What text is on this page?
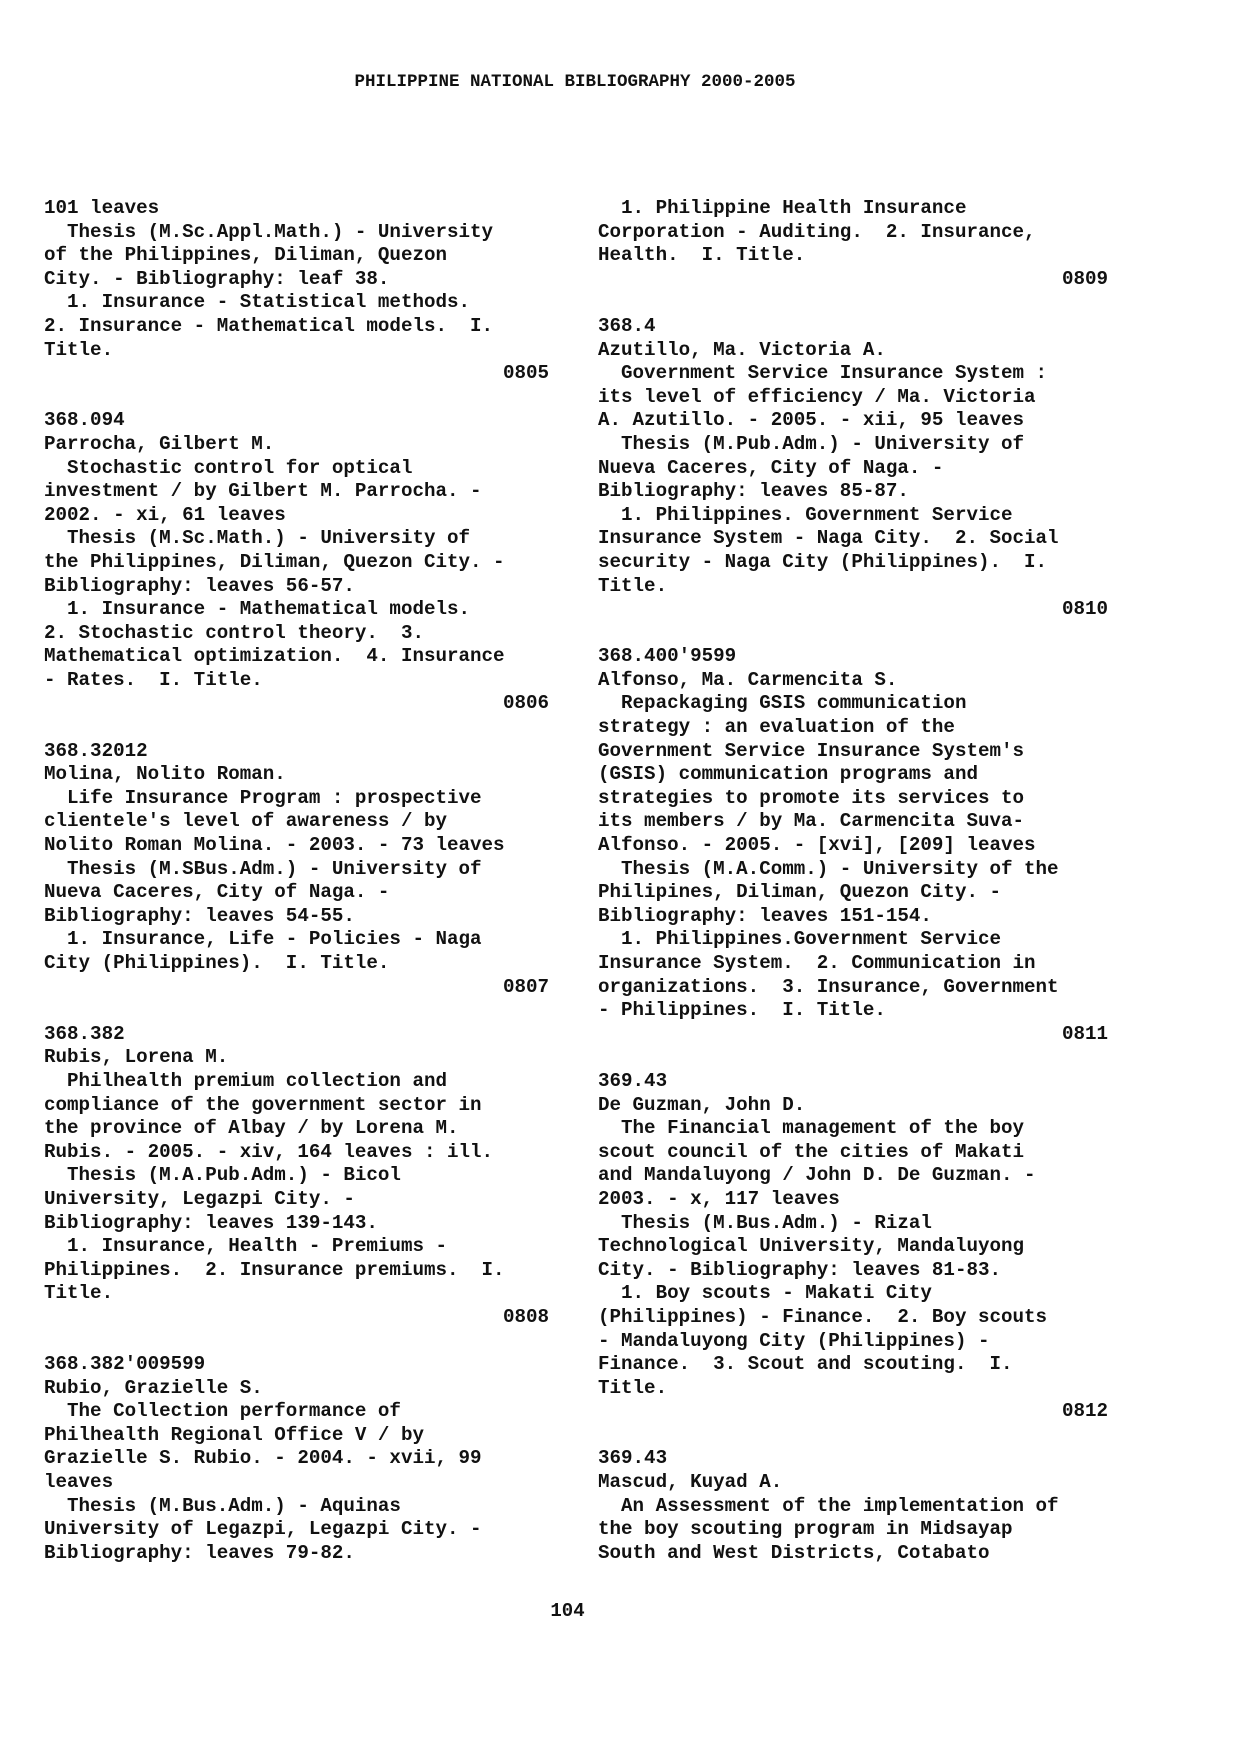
PHILIPPINE NATIONAL BIBLIOGRAPHY 2000-2005
101 leaves
Thesis (M.Sc.Appl.Math.) - University
of the Philippines, Diliman, Quezon
City. - Bibliography: leaf 38.
1. Insurance - Statistical methods.
2. Insurance - Mathematical models.  I.
Title.
0805
368.094
Parrocha, Gilbert M.
Stochastic control for optical
investment / by Gilbert M. Parrocha. -
2002. - xi, 61 leaves
Thesis (M.Sc.Math.) - University of
the Philippines, Diliman, Quezon City. -
Bibliography: leaves 56-57.
1. Insurance - Mathematical models.
2. Stochastic control theory.  3.
Mathematical optimization.  4. Insurance
- Rates.  I. Title.
0806
368.32012
Molina, Nolito Roman.
Life Insurance Program : prospective
clientele's level of awareness / by
Nolito Roman Molina. - 2003. - 73 leaves
Thesis (M.SBus.Adm.) - University of
Nueva Caceres, City of Naga. -
Bibliography: leaves 54-55.
1. Insurance, Life - Policies - Naga
City (Philippines).  I. Title.
0807
368.382
Rubis, Lorena M.
Philhealth premium collection and
compliance of the government sector in
the province of Albay / by Lorena M.
Rubis. - 2005. - xiv, 164 leaves : ill.
Thesis (M.A.Pub.Adm.) - Bicol
University, Legazpi City. -
Bibliography: leaves 139-143.
1. Insurance, Health - Premiums -
Philippines.  2. Insurance premiums.  I.
Title.
0808
368.382'009599
Rubio, Grazielle S.
The Collection performance of
Philhealth Regional Office V / by
Grazielle S. Rubio. - 2004. - xvii, 99
leaves
Thesis (M.Bus.Adm.) - Aquinas
University of Legazpi, Legazpi City. -
Bibliography: leaves 79-82.
1. Philippine Health Insurance
Corporation - Auditing.  2. Insurance,
Health.  I. Title.
0809
368.4
Azutillo, Ma. Victoria A.
Government Service Insurance System :
its level of efficiency / Ma. Victoria
A. Azutillo. - 2005. - xii, 95 leaves
Thesis (M.Pub.Adm.) - University of
Nueva Caceres, City of Naga. -
Bibliography: leaves 85-87.
1. Philippines. Government Service
Insurance System - Naga City.  2. Social
security - Naga City (Philippines).  I.
Title.
0810
368.400'9599
Alfonso, Ma. Carmencita S.
Repackaging GSIS communication
strategy : an evaluation of the
Government Service Insurance System's
(GSIS) communication programs and
strategies to promote its services to
its members / by Ma. Carmencita Suva-
Alfonso. - 2005. - [xvi], [209] leaves
Thesis (M.A.Comm.) - University of the
Philipines, Diliman, Quezon City. -
Bibliography: leaves 151-154.
1. Philippines.Government Service
Insurance System.  2. Communication in
organizations.  3. Insurance, Government
- Philippines.  I. Title.
0811
369.43
De Guzman, John D.
The Financial management of the boy
scout council of the cities of Makati
and Mandaluyong / John D. De Guzman. -
2003. - x, 117 leaves
Thesis (M.Bus.Adm.) - Rizal
Technological University, Mandaluyong
City. - Bibliography: leaves 81-83.
1. Boy scouts - Makati City
(Philippines) - Finance.  2. Boy scouts
- Mandaluyong City (Philippines) -
Finance.  3. Scout and scouting.  I.
Title.
0812
369.43
Mascud, Kuyad A.
An Assessment of the implementation of
the boy scouting program in Midsayap
South and West Districts, Cotabato
104
